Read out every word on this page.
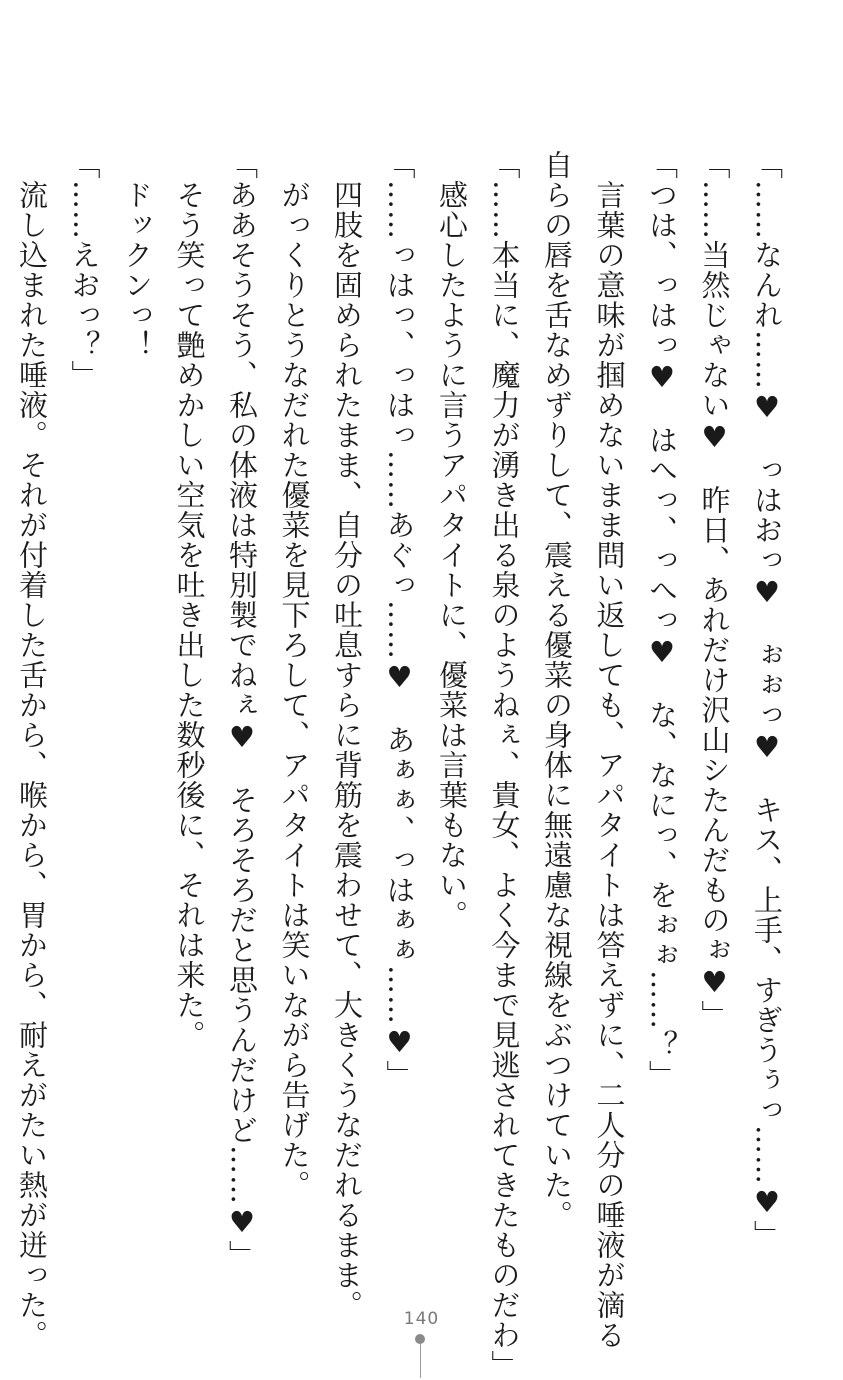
「……なんれ……♥　っはおっ♥　ぉぉっ♥　キス、上手、すぎうぅっ……♥」
「……当然じゃない♥　昨日、あれだけ沢山シたんだものぉ♥」
「つは、っはっ♥　はへっ、っへっ♥　な、なにっ、をぉぉ……？」
　言葉の意味が掴めないまま問い返しても、アパタイトは答えずに、二人分の唾液が滴る
自らの唇を舌なめずりして、震える優菜の身体に無遠慮な視線をぶつけていた。
「……本当に、魔力が湧き出る泉のようねぇ、貴女、よく今まで見逃されてきたものだわ」
　感心したように言うアパタイトに、優菜は言葉もない。
「……っはっ、っはっ……あぐっ……♥　あぁぁ、っはぁぁ……♥」
　四肢を固められたまま、自分の吐息すらに背筋を震わせて、大きくうなだれるまま。
　がっくりとうなだれた優菜を見下ろして、アパタイトは笑いながら告げた。
「ああそうそう、私の体液は特別製でねぇ♥　そろそろだと思うんだけど……♥」
　そう笑って艶めかしい空気を吐き出した数秒後に、それは来た。
　ドックンっ！
「……えおっ？」
　流し込まれた唾液。それが付着した舌から、喉から、胃から、耐えがたい熱が迸った。	140
